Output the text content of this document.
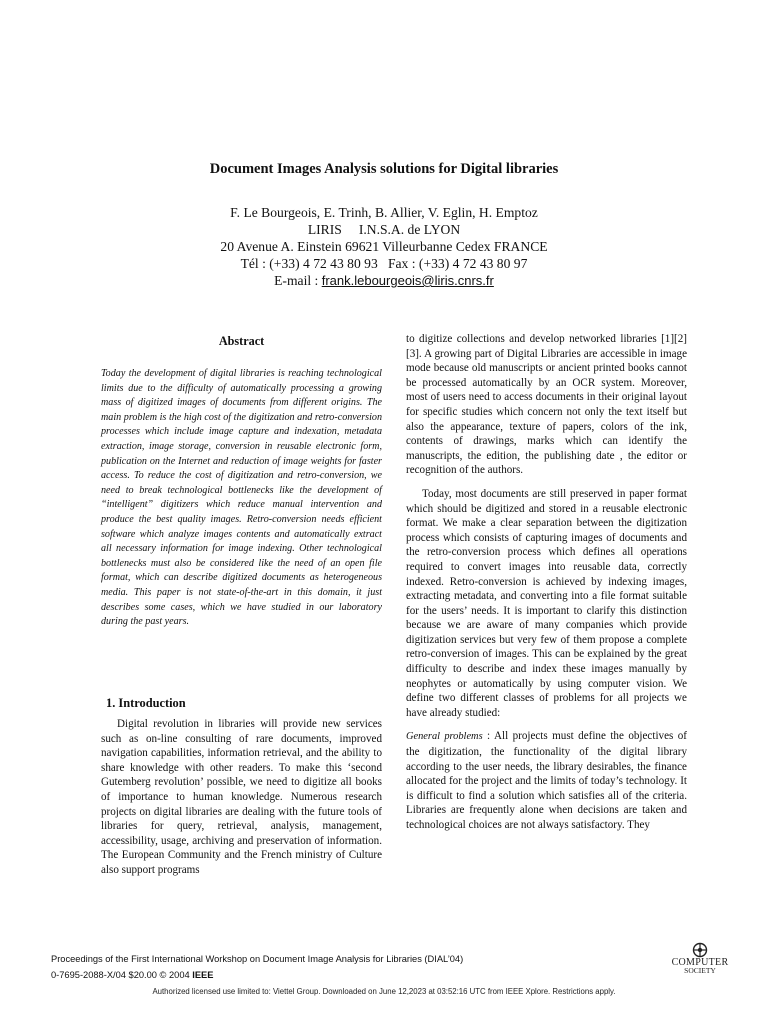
Document Images Analysis solutions for Digital libraries
F. Le Bourgeois, E. Trinh, B. Allier, V. Eglin, H. Emptoz
LIRIS     I.N.S.A. de LYON
20 Avenue A. Einstein 69621 Villeurbanne Cedex FRANCE
Tél : (+33) 4 72 43 80 93   Fax : (+33) 4 72 43 80 97
E-mail : frank.lebourgeois@liris.cnrs.fr
Abstract
Today the development of digital libraries is reaching technological limits due to the difficulty of automatically processing a growing mass of digitized images of documents from different origins. The main problem is the high cost of the digitization and retro-conversion processes which include image capture and indexation, metadata extraction, image storage, conversion in reusable electronic form, publication on the Internet and reduction of image weights for faster access. To reduce the cost of digitization and retro-conversion, we need to break technological bottlenecks like the development of “intelligent” digitizers which reduce manual intervention and produce the best quality images. Retro-conversion needs efficient software which analyze images contents and automatically extract all necessary information for image indexing. Other technological bottlenecks must also be considered like the need of an open file format, which can describe digitized documents as heterogeneous media. This paper is not state-of-the-art in this domain, it just describes some cases, which we have studied in our laboratory during the past years.
1. Introduction
Digital revolution in libraries will provide new services such as on-line consulting of rare documents, improved navigation capabilities, information retrieval, and the ability to share knowledge with other readers. To make this ‘second Gutemberg revolution’ possible, we need to digitize all books of importance to human knowledge. Numerous research projects on digital libraries are dealing with the future tools of libraries for query, retrieval, analysis, management, accessibility, usage, archiving and preservation of information. The European Community and the French ministry of Culture also support programs

to digitize collections and develop networked libraries [1][2][3]. A growing part of Digital Libraries are accessible in image mode because old manuscripts or ancient printed books cannot be processed automatically by an OCR system. Moreover, most of users need to access documents in their original layout for specific studies which concern not only the text itself but also the appearance, texture of papers, colors of the ink, contents of drawings, marks which can identify the manuscripts, the edition, the publishing date , the editor or recognition of the authors.

Today, most documents are still preserved in paper format which should be digitized and stored in a reusable electronic format. We make a clear separation between the digitization process which consists of capturing images of documents and the retro-conversion process which defines all operations required to convert images into reusable data, correctly indexed. Retro-conversion is achieved by indexing images, extracting metadata, and converting into a file format suitable for the users’ needs. It is important to clarify this distinction because we are aware of many companies which provide digitization services but very few of them propose a complete retro-conversion of images. This can be explained by the great difficulty to describe and index these images manually by neophytes or automatically by using computer vision. We define two different classes of problems for all projects we have already studied:

General problems : All projects must define the objectives of the digitization, the functionality of the digital library according to the user needs, the library desirables, the finance allocated for the project and the limits of today’s technology. It is difficult to find a solution which satisfies all of the criteria. Libraries are frequently alone when decisions are taken and technological choices are not always satisfactory. They

Proceedings of the First International Workshop on Document Image Analysis for Libraries (DIAL’04)
0-7695-2088-X/04 $20.00 © 2004 IEEE
COMPUTER
SOCIETY
Authorized licensed use limited to: Viettel Group. Downloaded on June 12,2023 at 03:52:16 UTC from IEEE Xplore. Restrictions apply.
